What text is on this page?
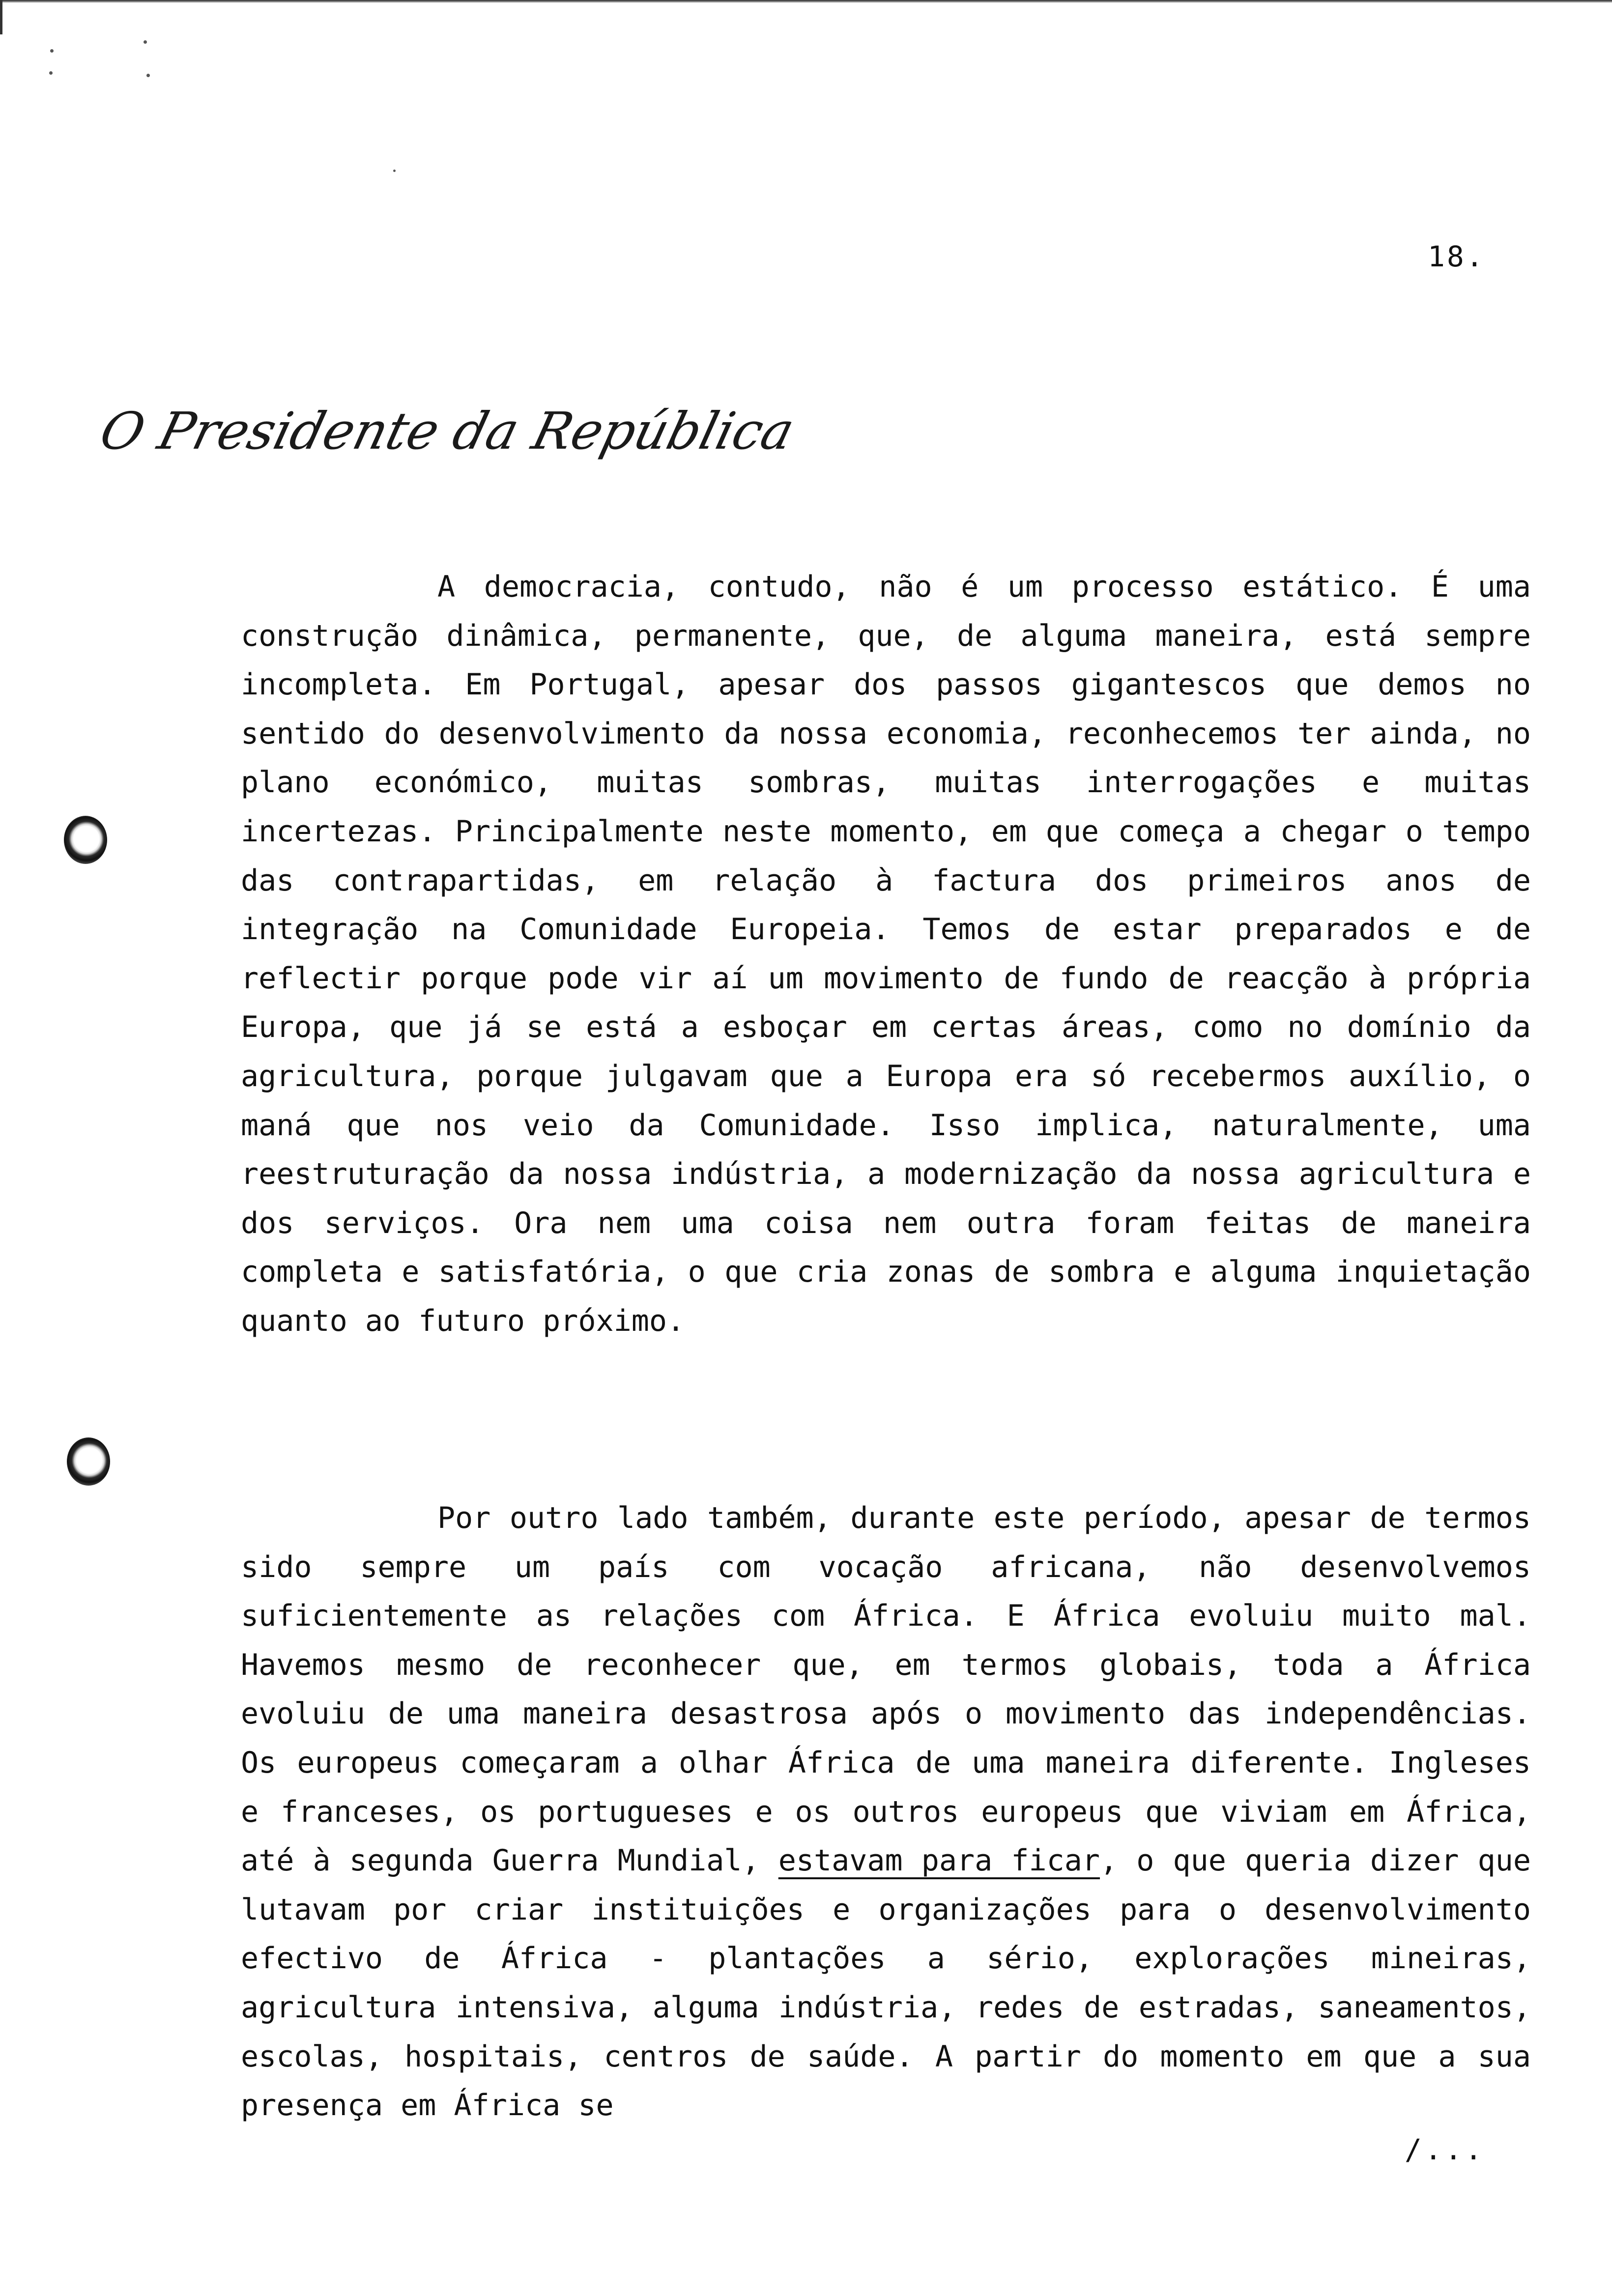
18.
O Presidente da República

A democracia, contudo, não é um processo estático. É uma construção dinâmica, permanente, que, de alguma maneira, está sempre incompleta. Em Portugal, apesar dos passos gigantescos que demos no sentido do desenvolvimento da nossa economia, reconhecemos ter ainda, no plano económico, muitas sombras, muitas interrogações e muitas incertezas. Principalmente neste momento, em que começa a chegar o tempo das contrapartidas, em relação à factura dos primeiros anos de integração na Comunidade Europeia. Temos de estar preparados e de reflectir porque pode vir aí um movimento de fundo de reacção à própria Europa, que já se está a esboçar em certas áreas, como no domínio da agricultura, porque julgavam que a Europa era só recebermos auxílio, o maná que nos veio da Comunidade. Isso implica, naturalmente, uma reestruturação da nossa indústria, a modernização da nossa agricultura e dos serviços. Ora nem uma coisa nem outra foram feitas de maneira completa e satisfatória, o que cria zonas de sombra e alguma inquietação quanto ao futuro próximo.

Por outro lado também, durante este período, apesar de termos sido sempre um país com vocação africana, não desenvolvemos suficientemente as relações com África. E África evoluiu muito mal. Havemos mesmo de reconhecer que, em termos globais, toda a África evoluiu de uma maneira desastrosa após o movimento das independências. Os europeus começaram a olhar África de uma maneira diferente. Ingleses e franceses, os portugueses e os outros europeus que viviam em África, até à segunda Guerra Mundial, estavam para ficar, o que queria dizer que lutavam por criar instituições e organizações para o desenvolvimento efectivo de África - plantações a sério, explorações mineiras, agricultura intensiva, alguma indústria, redes de estradas, saneamentos, escolas, hospitais, centros de saúde. A partir do momento em que a sua presença em África se

/...
